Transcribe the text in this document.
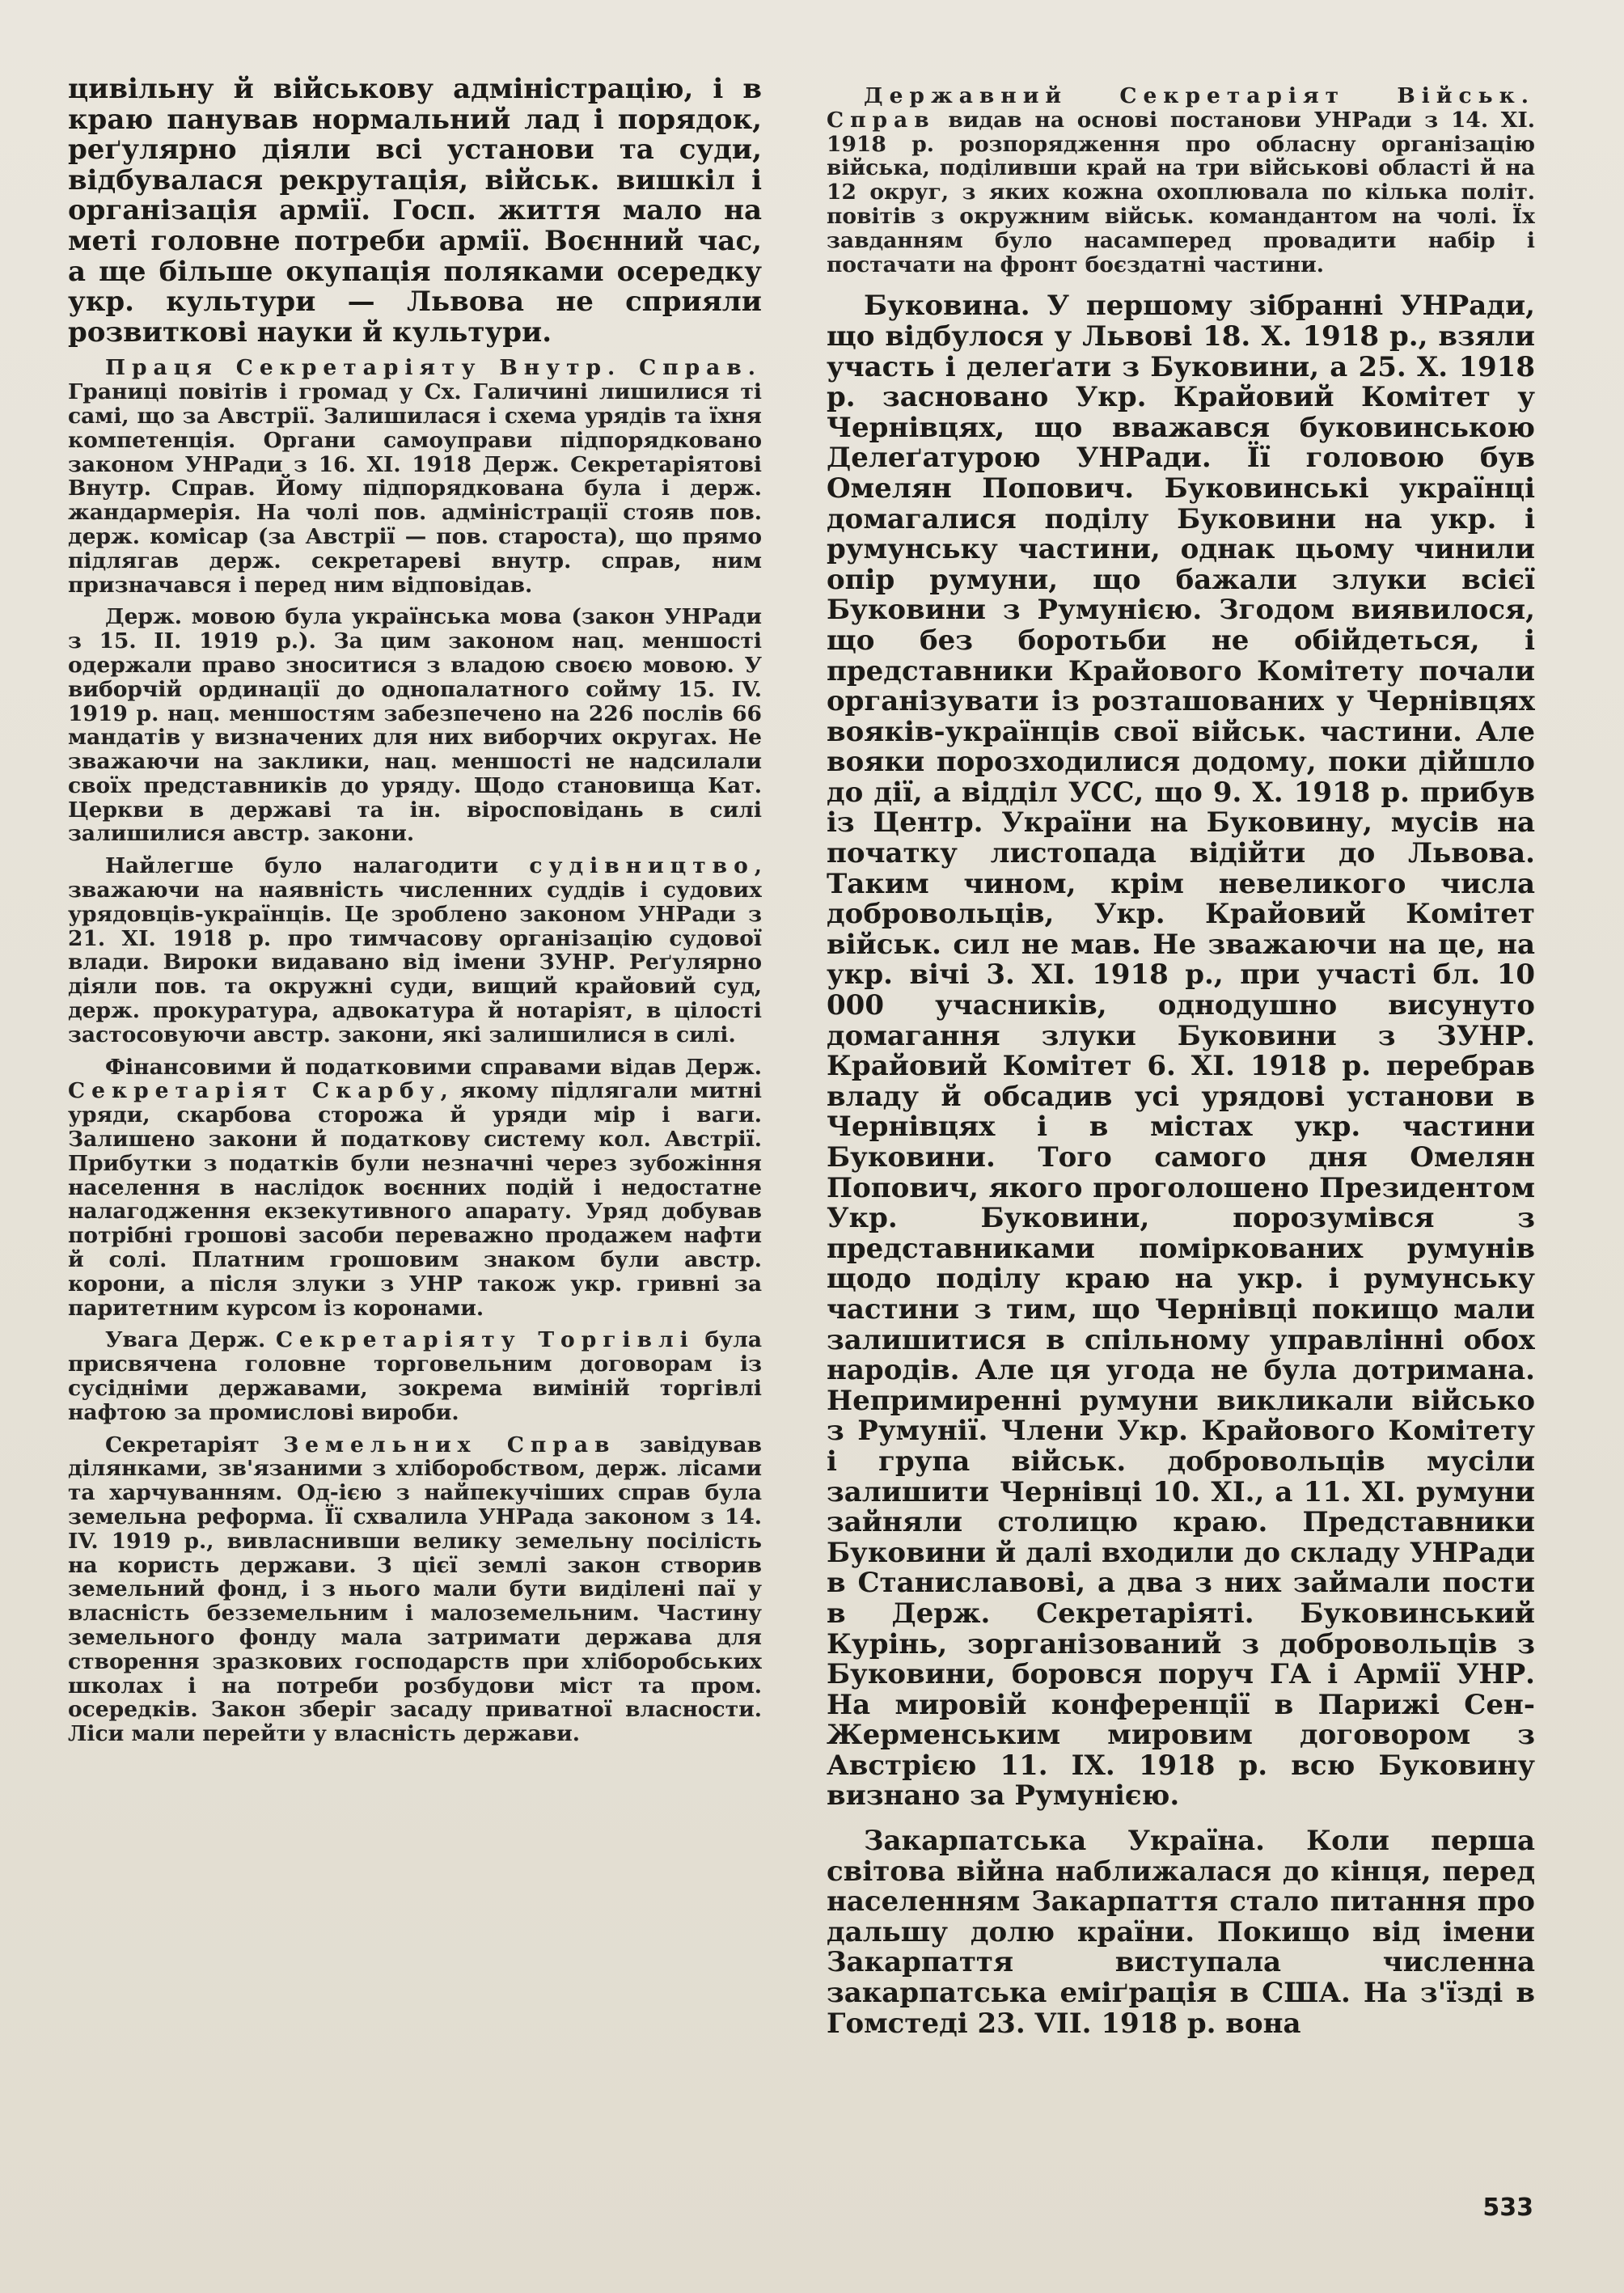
цивільну й військову адміністрацію, і в краю панував нормальний лад і порядок, реґулярно діяли всі установи та суди, відбувалася рекрутація, військ. вишкіл і організація армії. Госп. життя мало на меті головне потреби армії. Воєнний час, а ще більше окупація поляками осередку укр. культури — Львова не сприяли розвиткові науки й культури.

Праця Секретаріяту Внутр. Справ. Границі повітів і громад у Сх. Галичині лишилися ті самі, що за Австрії. Залишилася і схема урядів та їхня компетенція. Органи самоуправи підпорядковано законом УНРади з 16. XI. 1918 Держ. Секретаріятові Внутр. Справ. Йому підпорядкована була і держ. жандармерія. На чолі пов. адміністрації стояв пов. держ. комісар (за Австрії — пов. староста), що прямо підлягав держ. секретареві внутр. справ, ним призначався і перед ним відповідав.

Держ. мовою була українська мова (закон УНРади з 15. II. 1919 р.). За цим законом нац. меншості одержали право зноситися з владою своєю мовою. У виборчій ординації до однопалатного сойму 15. IV. 1919 р. нац. меншостям забезпечено на 226 послів 66 мандатів у визначених для них виборчих округах. Не зважаючи на заклики, нац. меншості не надсилали своїх представників до уряду. Щодо становища Кат. Церкви в державі та ін. віросповідань в силі залишилися австр. закони.

Найлегше було налагодити судівництво, зважаючи на наявність численних суддів і судових урядовців-українців. Це зроблено законом УНРади з 21. XI. 1918 р. про тимчасову організацію судової влади. Вироки видавано від імени ЗУНР. Реґулярно діяли пов. та окружні суди, вищий крайовий суд, держ. прокуратура, адвокатура й нотаріят, в цілості застосовуючи австр. закони, які залишилися в силі.

Фінансовими й податковими справами відав Держ. Секретаріят Скарбу, якому підлягали митні уряди, скарбова сторожа й уряди мір і ваги. Залишено закони й податкову систему кол. Австрії. Прибутки з податків були незначні через зубожіння населення в наслідок воєнних подій і недостатне налагодження екзекутивного апарату. Уряд добував потрібні грошові засоби переважно продажем нафти й солі. Платним грошовим знаком були австр. корони, а після злуки з УНР також укр. гривні за паритетним курсом із коронами.

Увага Держ. Секретаріяту Торгівлі була присвячена головне торговельним договорам із сусідніми державами, зокрема виміній торгівлі нафтою за промислові вироби.

Секретаріят Земельних Справ завідував ділянками, зв'язаними з хліборобством, держ. лісами та харчуванням. Од-ією з найпекучіших справ була земельна реформа. Її схвалила УНРада законом з 14. IV. 1919 р., вивласнивши велику земельну посілість на користь держави. З цієї землі закон створив земельний фонд, і з нього мали бути виділені паї у власність безземельним і малоземельним. Частину земельного фонду мала затримати держава для створення зразкових господарств при хліборобських школах і на потреби розбудови міст та пром. осередків. Закон зберіг засаду приватної власности. Ліси мали перейти у власність держави.

Державний Секретаріят Військ. Справ видав на основі постанови УНРади з 14. XI. 1918 р. розпорядження про обласну організацію війська, поділивши край на три військові області й на 12 округ, з яких кожна охоплювала по кілька політ. повітів з окружним військ. командантом на чолі. Їх завданням було насамперед провадити набір і постачати на фронт боєздатні частини.

Буковина. У першому зібранні УНРади, що відбулося у Львові 18. X. 1918 р., взяли участь і делеґати з Буковини, а 25. X. 1918 р. засновано Укр. Крайовий Комітет у Чернівцях, що вважався буковинською Делеґатурою УНРади. Її головою був Омелян Попович. Буковинські українці домагалися поділу Буковини на укр. і румунську частини, однак цьому чинили опір румуни, що бажали злуки всієї Буковини з Румунією. Згодом виявилося, що без боротьби не обійдеться, і представники Крайового Комітету почали організувати із розташованих у Чернівцях вояків-українців свої військ. частини. Але вояки порозходилися додому, поки дійшло до дії, а відділ УСС, що 9. X. 1918 р. прибув із Центр. України на Буковину, мусів на початку листопада відійти до Львова. Таким чином, крім невеликого числа добровольців, Укр. Крайовий Комітет військ. сил не мав. Не зважаючи на це, на укр. вічі 3. XI. 1918 р., при участі бл. 10 000 учасників, однодушно висунуто домагання злуки Буковини з ЗУНР. Крайовий Комітет 6. XI. 1918 р. перебрав владу й обсадив усі урядові установи в Чернівцях і в містах укр. частини Буковини. Того самого дня Омелян Попович, якого проголошено Президентом Укр. Буковини, порозумівся з представниками поміркованих румунів щодо поділу краю на укр. і румунську частини з тим, що Чернівці покищо мали залишитися в спільному управлінні обох народів. Але ця угода не була дотримана. Непримиренні румуни викликали військо з Румунії. Члени Укр. Крайового Комітету і група військ. добровольців мусіли залишити Чернівці 10. XI., а 11. XI. румуни зайняли столицю краю. Представники Буковини й далі входили до складу УНРади в Станиславові, а два з них займали пости в Держ. Секретаріяті. Буковинський Курінь, зорганізований з добровольців з Буковини, боровся поруч ГА і Армії УНР. На мировій конференції в Парижі Сен-Жерменським мировим договором з Австрією 11. IX. 1918 р. всю Буковину визнано за Румунією.

Закарпатська Україна. Коли перша світова війна наближалася до кінця, перед населенням Закарпаття стало питання про дальшу долю країни. Покищо від імени Закарпаття виступала численна закарпатська еміґрація в США. На з'їзді в Гомстеді 23. VII. 1918 р. вона

533
